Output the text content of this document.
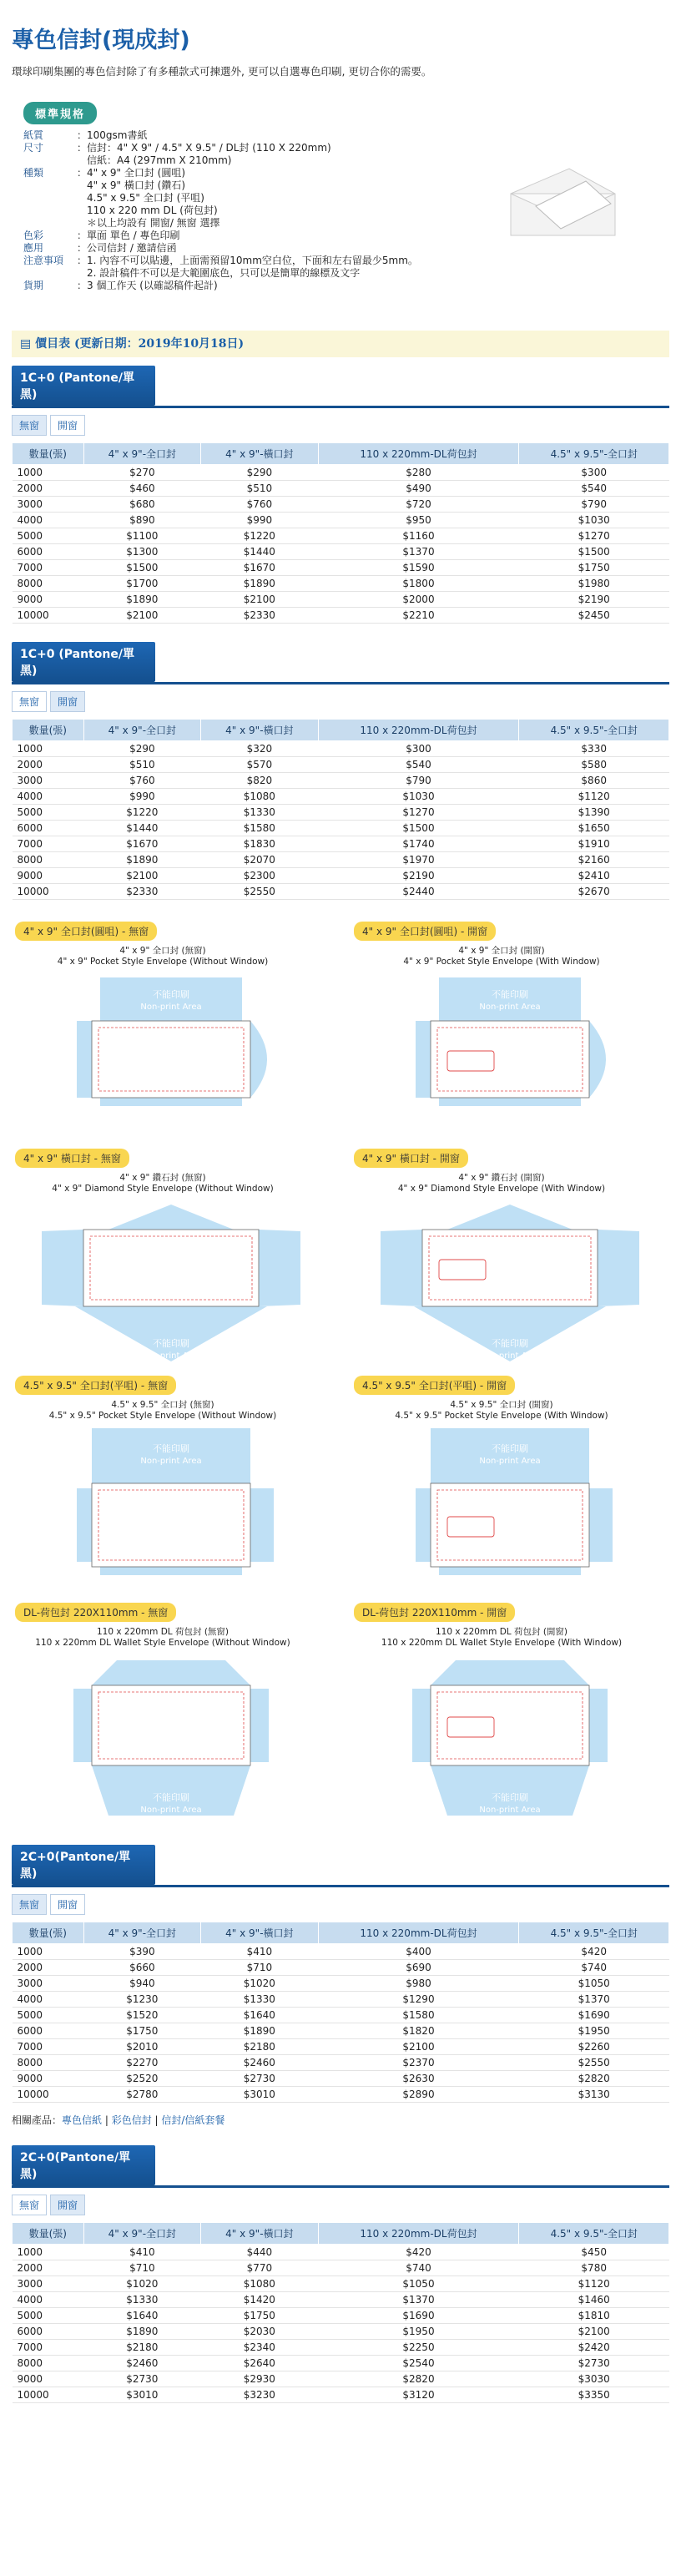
專色信封(現成封)
環球印刷集團的專色信封除了有多種款式可揀選外, 更可以自選專色印刷, 更切合你的需要。
標準規格
紙質	：100gsm書紙
尺寸	：信封：4" X 9" / 4.5" X 9.5" / DL封 (110 X 220mm)
信紙：A4 (297mm X 210mm)
種類	：4" x 9" 全口封 (圓咀)
4" x 9" 橫口封 (鑽石)
4.5" x 9.5" 全口封 (平咀)
110 x 220 mm DL (荷包封)
＊以上均設有 開窗/ 無窗 選擇
色彩	：單面 單色 / 專色印刷
應用	：公司信封 / 邀請信函
注意事項	：1. 內容不可以貼邊，上面需預留10mm空白位，下面和左右留最少5mm。
2. 設計稿件不可以是大範圍底色，只可以是簡單的線標及文字
貨期	：3 個工作天 (以確認稿件起計)
▤ 價目表 (更新日期：2019年10月18日)
1C+0 (Pantone/單黑)
無窗	開窗
數量(張)	4" x 9"-全口封	4" x 9"-橫口封	110 x 220mm-DL荷包封	4.5" x 9.5"-全口封
1000	$270	$290	$280	$300
2000	$460	$510	$490	$540
3000	$680	$760	$720	$790
4000	$890	$990	$950	$1030
5000	$1100	$1220	$1160	$1270
6000	$1300	$1440	$1370	$1500
7000	$1500	$1670	$1590	$1750
8000	$1700	$1890	$1800	$1980
9000	$1890	$2100	$2000	$2190
10000	$2100	$2330	$2210	$2450
1C+0 (Pantone/單黑)
無窗	開窗
數量(張)	4" x 9"-全口封	4" x 9"-橫口封	110 x 220mm-DL荷包封	4.5" x 9.5"-全口封
1000	$290	$320	$300	$330
2000	$510	$570	$540	$580
3000	$760	$820	$790	$860
4000	$990	$1080	$1030	$1120
5000	$1220	$1330	$1270	$1390
6000	$1440	$1580	$1500	$1650
7000	$1670	$1830	$1740	$1910
8000	$1890	$2070	$1970	$2160
9000	$2100	$2300	$2190	$2410
10000	$2330	$2550	$2440	$2670
4" x 9" 全口封(圓咀) - 無窗
4" x 9" 全口封 (無窗)
4" x 9" Pocket Style Envelope (Without Window)
不能印刷
Non-print Area
4" x 9" 全口封(圓咀) - 開窗
4" x 9" 全口封 (開窗)
4" x 9" Pocket Style Envelope (With Window)
不能印刷
Non-print Area
4" x 9" 橫口封 - 無窗
4" x 9" 鑽石封 (無窗)
4" x 9" Diamond Style Envelope (Without Window)
不能印刷
Non-print Area
4" x 9" 橫口封 - 開窗
4" x 9" 鑽石封 (開窗)
4" x 9" Diamond Style Envelope (With Window)
不能印刷
Non-print Area
4.5" x 9.5" 全口封(平咀) - 無窗
4.5" x 9.5" 全口封 (無窗)
4.5" x 9.5" Pocket Style Envelope (Without Window)
不能印刷
Non-print Area
4.5" x 9.5" 全口封(平咀) - 開窗
4.5" x 9.5" 全口封 (開窗)
4.5" x 9.5" Pocket Style Envelope (With Window)
不能印刷
Non-print Area
DL-荷包封 220X110mm - 無窗
110 x 220mm DL 荷包封 (無窗)
110 x 220mm DL Wallet Style Envelope (Without Window)
不能印刷
Non-print Area
DL-荷包封 220X110mm - 開窗
110 x 220mm DL 荷包封 (開窗)
110 x 220mm DL Wallet Style Envelope (With Window)
不能印刷
Non-print Area
2C+0(Pantone/單黑)
無窗	開窗
數量(張)	4" x 9"-全口封	4" x 9"-橫口封	110 x 220mm-DL荷包封	4.5" x 9.5"-全口封
1000	$390	$410	$400	$420
2000	$660	$710	$690	$740
3000	$940	$1020	$980	$1050
4000	$1230	$1330	$1290	$1370
5000	$1520	$1640	$1580	$1690
6000	$1750	$1890	$1820	$1950
7000	$2010	$2180	$2100	$2260
8000	$2270	$2460	$2370	$2550
9000	$2520	$2730	$2630	$2820
10000	$2780	$3010	$2890	$3130
相關產品：專色信紙 | 彩色信封 | 信封/信紙套餐
2C+0(Pantone/單黑)
無窗	開窗
數量(張)	4" x 9"-全口封	4" x 9"-橫口封	110 x 220mm-DL荷包封	4.5" x 9.5"-全口封
1000	$410	$440	$420	$450
2000	$710	$770	$740	$780
3000	$1020	$1080	$1050	$1120
4000	$1330	$1420	$1370	$1460
5000	$1640	$1750	$1690	$1810
6000	$1890	$2030	$1950	$2100
7000	$2180	$2340	$2250	$2420
8000	$2460	$2640	$2540	$2730
9000	$2730	$2930	$2820	$3030
10000	$3010	$3230	$3120	$3350
